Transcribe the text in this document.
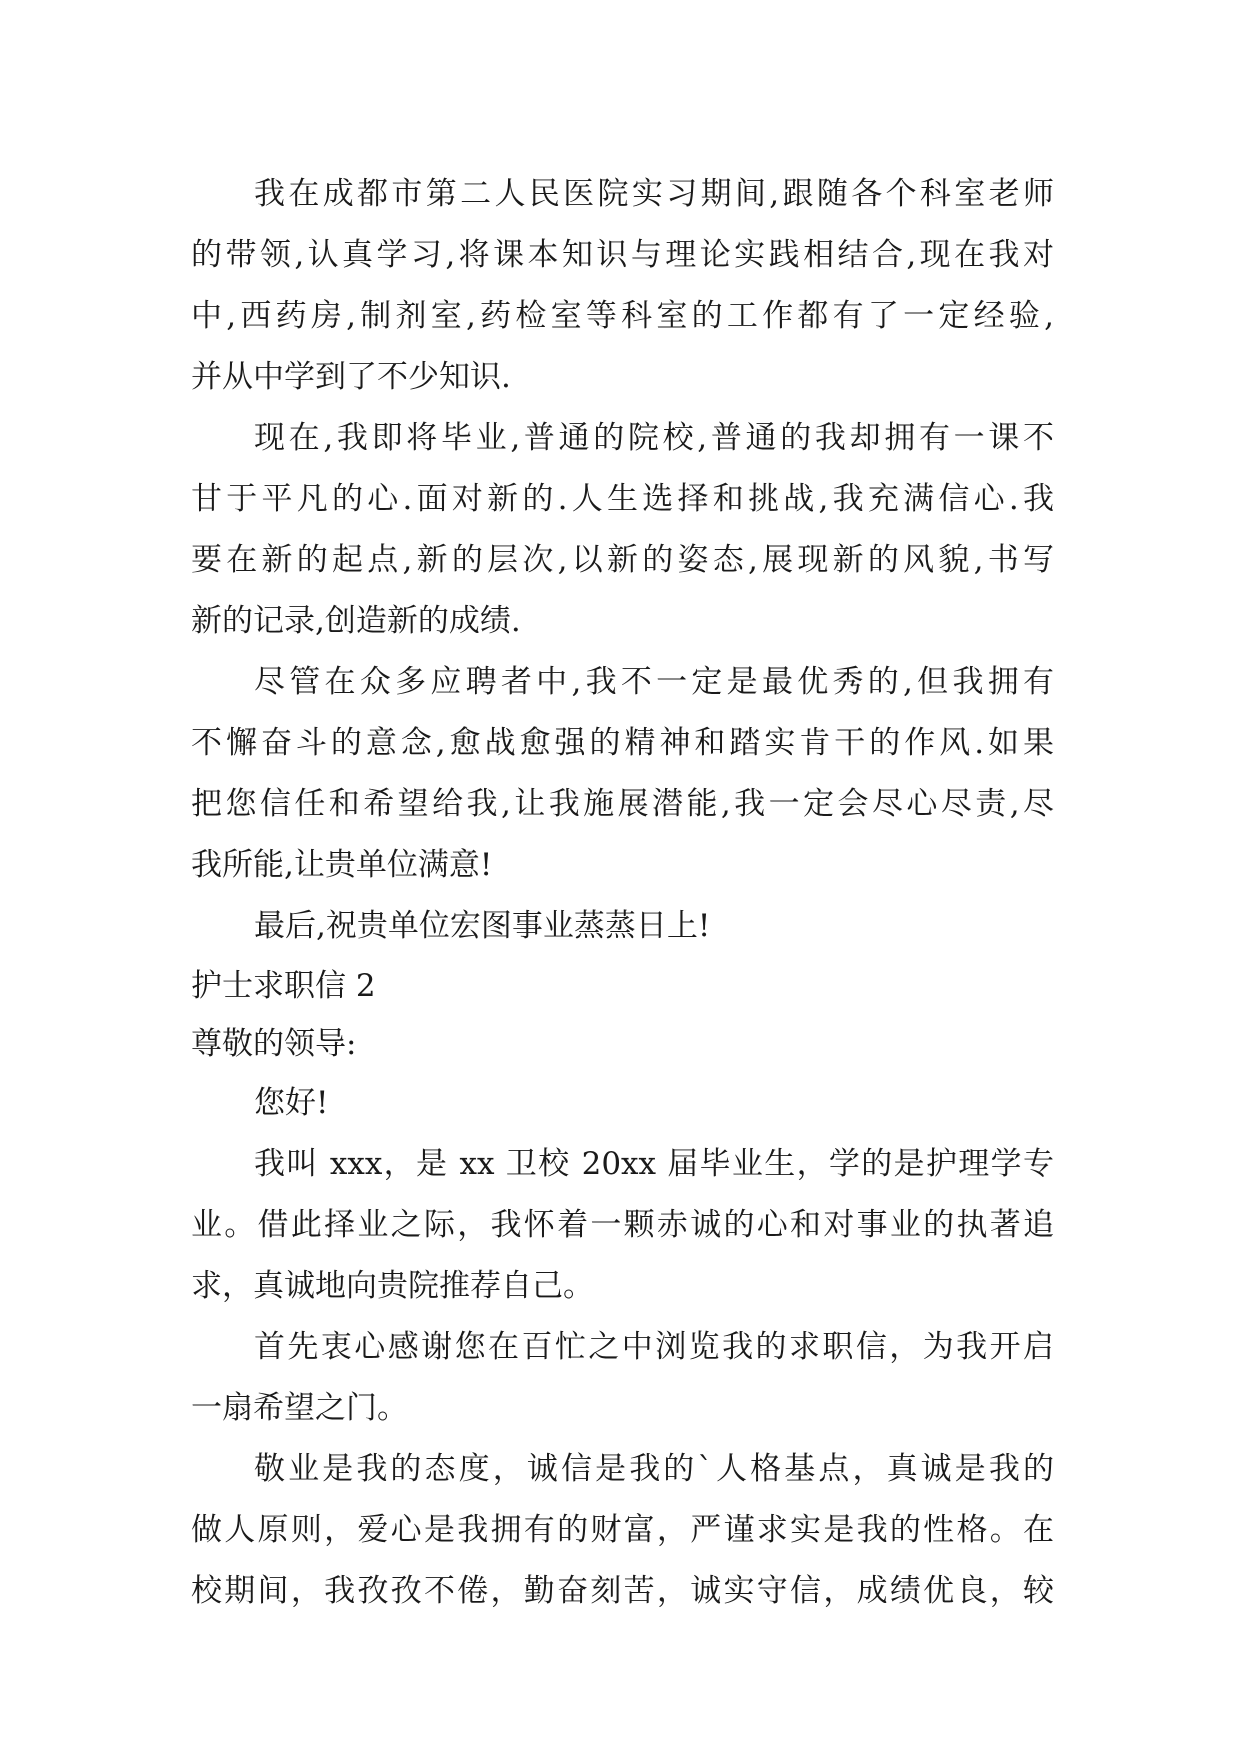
我在成都市第二人民医院实习期间,跟随各个科室老师
的带领,认真学习,将课本知识与理论实践相结合,现在我对
中,西药房,制剂室,药检室等科室的工作都有了一定经验,
并从中学到了不少知识.
现在,我即将毕业,普通的院校,普通的我却拥有一课不
甘于平凡的心.面对新的.人生选择和挑战,我充满信心.我
要在新的起点,新的层次,以新的姿态,展现新的风貌,书写
新的记录,创造新的成绩.
尽管在众多应聘者中,我不一定是最优秀的,但我拥有
不懈奋斗的意念,愈战愈强的精神和踏实肯干的作风.如果
把您信任和希望给我,让我施展潜能,我一定会尽心尽责,尽
我所能,让贵单位满意!
最后,祝贵单位宏图事业蒸蒸日上!
护士求职信 2
尊敬的领导:
您好!
我叫 xxx，是 xx 卫校 20xx 届毕业生，学的是护理学专
业。借此择业之际，我怀着一颗赤诚的心和对事业的执著追
求，真诚地向贵院推荐自己。
首先衷心感谢您在百忙之中浏览我的求职信，为我开启
一扇希望之门。
敬业是我的态度，诚信是我的`人格基点，真诚是我的
做人原则，爱心是我拥有的财富，严谨求实是我的性格。在
校期间，我孜孜不倦，勤奋刻苦，诚实守信，成绩优良，较
